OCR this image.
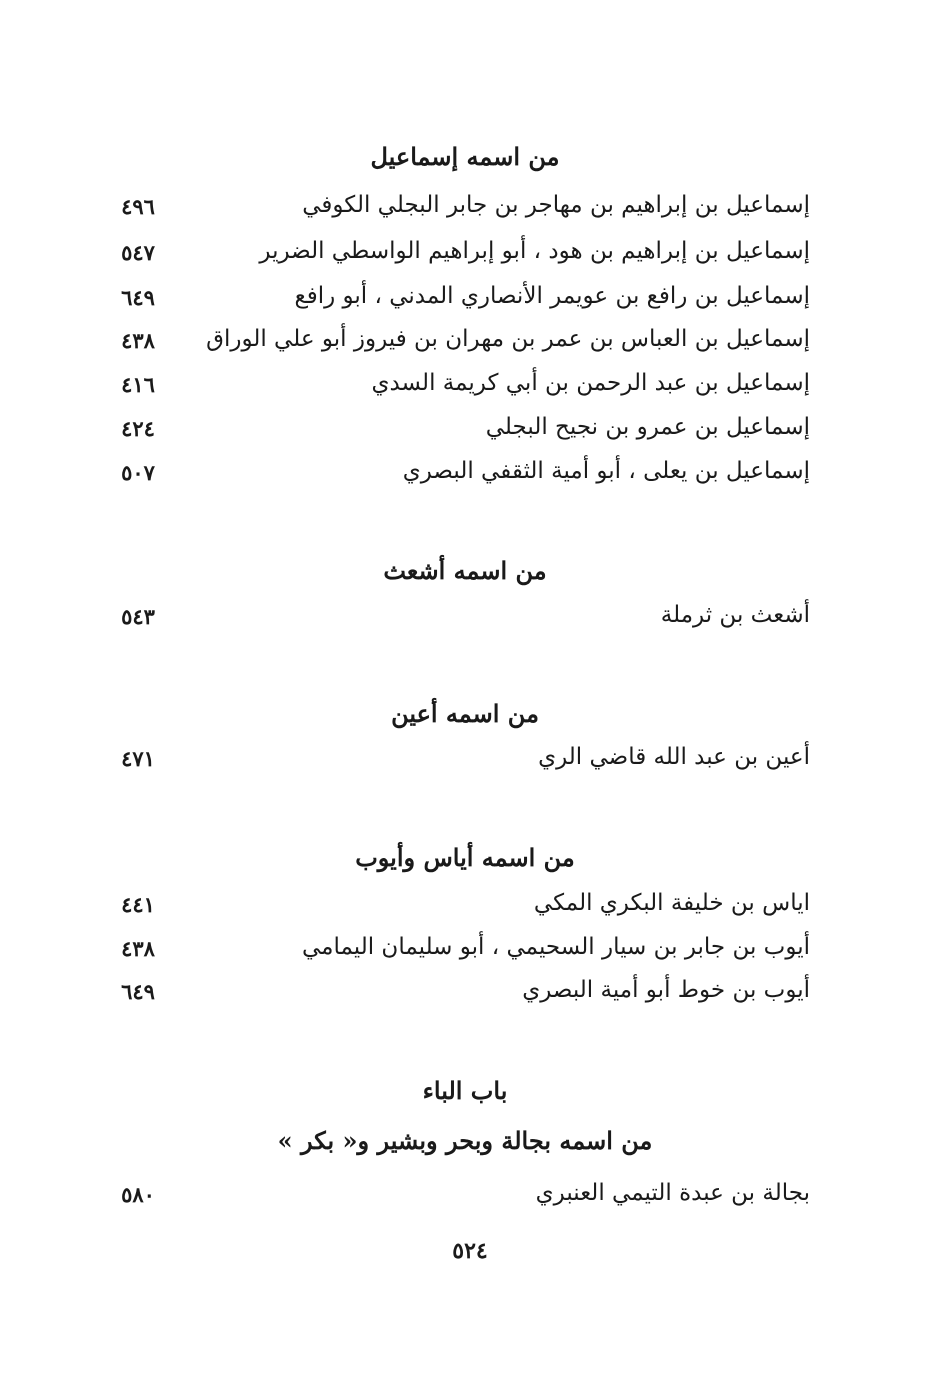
من اسمه إسماعيل
إسماعيل بن إبراهيم بن مهاجر بن جابر البجلي الكوفي
٤٩٦
إسماعيل بن إبراهيم بن هود ، أبو إبراهيم الواسطي الضرير
٥٤٧
إسماعيل بن رافع بن عويمر الأنصاري المدني ، أبو رافع
٦٤٩
إسماعيل بن العباس بن عمر بن مهران بن فيروز أبو علي الوراق
٤٣٨
إسماعيل بن عبد الرحمن بن أبي كريمة السدي
٤١٦
إسماعيل بن عمرو بن نجيح البجلي
٤٢٤
إسماعيل بن يعلى ، أبو أمية الثقفي البصري
٥٠٧
من اسمه أشعث
أشعث بن ثرملة
٥٤٣
من اسمه أعين
أعين بن عبد الله قاضي الري
٤٧١
من اسمه أياس وأيوب
اياس بن خليفة البكري المكي
٤٤١
أيوب بن جابر بن سيار السحيمي ، أبو سليمان اليمامي
٤٣٨
أيوب بن خوط أبو أمية البصري
٦٤٩
باب الباء
من اسمه بجالة وبحر وبشير و« بكر »
بجالة بن عبدة التيمي العنبري
٥٨٠
٥٢٤
